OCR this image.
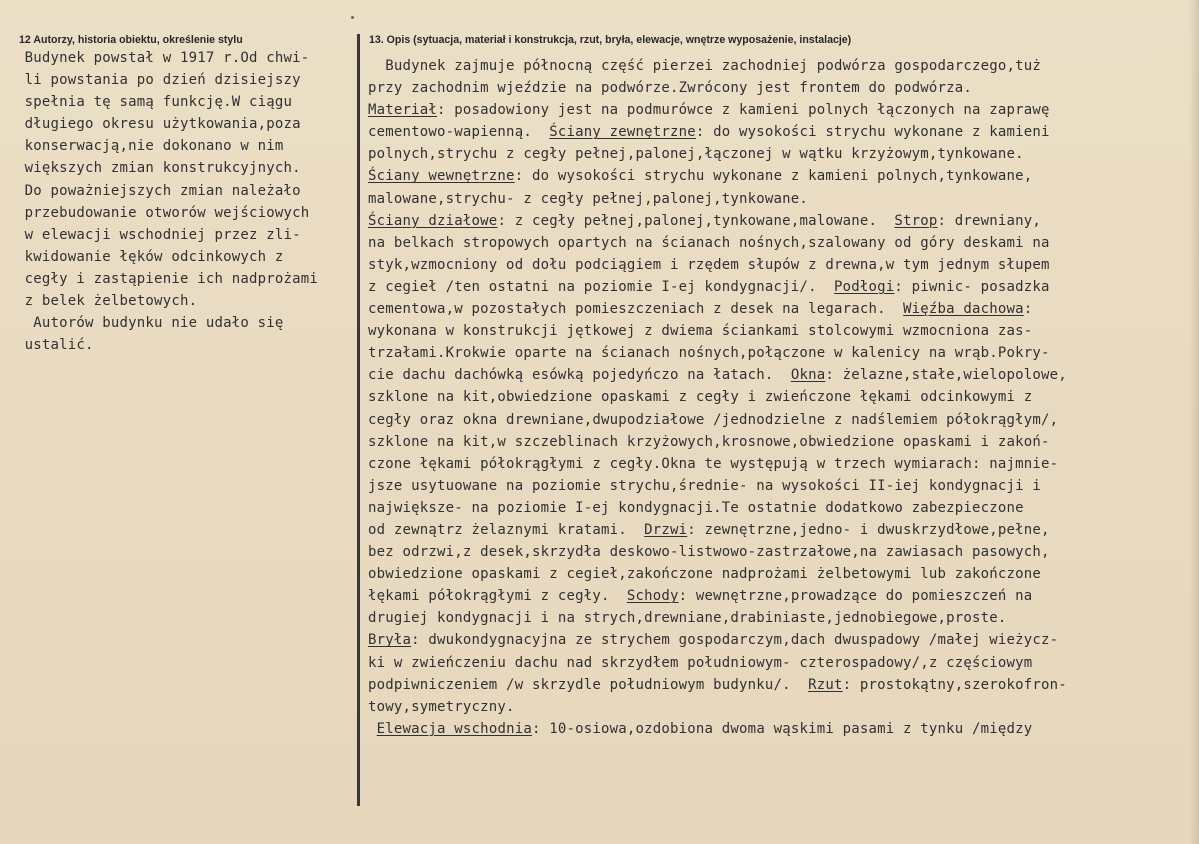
12 Autorzy, historia obiektu, określenie stylu	13. Opis (sytuacja, materiał i konstrukcja, rzut, bryła, elewacje, wnętrze wyposażenie, instalacje)
Budynek powstał w 1917 r.Od chwi-
li powstania po dzień dzisiejszy
spełnia tę samą funkcję.W ciągu
długiego okresu użytkowania,poza
konserwacją,nie dokonano w nim
większych zmian konstrukcyjnych.
Do poważniejszych zmian należało
przebudowanie otworów wejściowych
w elewacji wschodniej przez zli-
kwidowanie łęków odcinkowych z
cegły i zastąpienie ich nadprożami
z belek żelbetowych.
Autorów budynku nie udało się
ustalić.
Budynek zajmuje północną część pierzei zachodniej podwórza gospodarczego,tuż
przy zachodnim wjeździe na podwórze.Zwrócony jest frontem do podwórza.
Materiał: posadowiony jest na podmurówce z kamieni polnych łączonych na zaprawę
cementowo-wapienną.  Ściany zewnętrzne: do wysokości strychu wykonane z kamieni
polnych,strychu z cegły pełnej,palonej,łączonej w wątku krzyżowym,tynkowane.
Ściany wewnętrzne: do wysokości strychu wykonane z kamieni polnych,tynkowane,
malowane,strychu- z cegły pełnej,palonej,tynkowane.
Ściany działowe: z cegły pełnej,palonej,tynkowane,malowane.  Strop: drewniany,
na belkach stropowych opartych na ścianach nośnych,szalowany od góry deskami na
styk,wzmocniony od dołu podciągiem i rzędem słupów z drewna,w tym jednym słupem
z cegieł /ten ostatni na poziomie I-ej kondygnacji/.  Podłogi: piwnic- posadzka
cementowa,w pozostałych pomieszczeniach z desek na legarach.  Więźba dachowa:
wykonana w konstrukcji jętkowej z dwiema ściankami stolcowymi wzmocniona zas-
trzałami.Krokwie oparte na ścianach nośnych,połączone w kalenicy na wrąb.Pokry-
cie dachu dachówką esówką pojedyńczo na łatach.  Okna: żelazne,stałe,wielopolowe,
szklone na kit,obwiedzione opaskami z cegły i zwieńczone łękami odcinkowymi z
cegły oraz okna drewniane,dwupodziałowe /jednodzielne z nadślemiem półokrągłym/,
szklone na kit,w szczeblinach krzyżowych,krosnowe,obwiedzione opaskami i zakoń-
czone łękami półokrągłymi z cegły.Okna te występują w trzech wymiarach: najmnie-
jsze usytuowane na poziomie strychu,średnie- na wysokości II-iej kondygnacji i
największe- na poziomie I-ej kondygnacji.Te ostatnie dodatkowo zabezpieczone
od zewnątrz żelaznymi kratami.  Drzwi: zewnętrzne,jedno- i dwuskrzydłowe,pełne,
bez odrzwi,z desek,skrzydła deskowo-listwowo-zastrzałowe,na zawiasach pasowych,
obwiedzione opaskami z cegieł,zakończone nadprożami żelbetowymi lub zakończone
łękami półokrągłymi z cegły.  Schody: wewnętrzne,prowadzące do pomieszczeń na
drugiej kondygnacji i na strych,drewniane,drabiniaste,jednobiegowe,proste.
Bryła: dwukondygnacyjna ze strychem gospodarczym,dach dwuspadowy /małej wieżycz-
ki w zwieńczeniu dachu nad skrzydłem południowym- czterospadowy/,z częściowym
podpiwniczeniem /w skrzydle południowym budynku/.  Rzut: prostokątny,szerokofron-
towy,symetryczny.
Elewacja wschodnia: 10-osiowa,ozdobiona dwoma wąskimi pasami z tynku /między
